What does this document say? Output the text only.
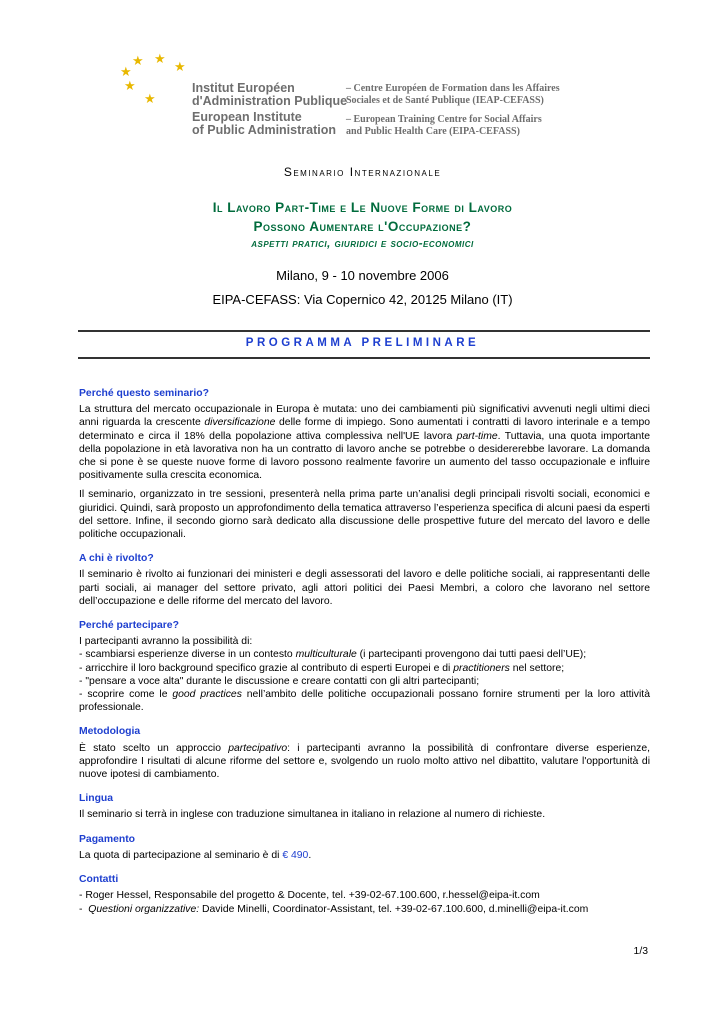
★ ★
★	★
★
★
Institut Européen
d'Administration Publique
European Institute
of Public Administration
– Centre Européen de Formation dans les Affaires
Sociales et de Santé Publique (IEAP-CEFASS)
– European Training Centre for Social Affairs
and Public Health Care (EIPA-CEFASS)
Seminario Internazionale
Il Lavoro Part-Time e Le Nuove Forme di Lavoro
Possono Aumentare l'Occupazione?
aspetti pratici, giuridici e socio-economici
Milano, 9 - 10 novembre 2006
EIPA-CEFASS: Via Copernico 42, 20125 Milano (IT)
PROGRAMMA PRELIMINARE
Perché questo seminario?

La struttura del mercato occupazionale in Europa è mutata: uno dei cambiamenti più significativi avvenuti negli ultimi dieci anni riguarda la crescente diversificazione delle forme di impiego. Sono aumentati i contratti di lavoro interinale e a tempo determinato e circa il 18% della popolazione attiva complessiva nell'UE lavora part-time. Tuttavia, una quota importante della popolazione in età lavorativa non ha un contratto di lavoro anche se potrebbe o desidererebbe lavorare. La domanda che si pone è se queste nuove forme di lavoro possono realmente favorire un aumento del tasso occupazionale e influire positivamente sulla crescita economica.

Il seminario, organizzato in tre sessioni, presenterà nella prima parte un’analisi degli principali risvolti sociali, economici e giuridici. Quindi, sarà proposto un approfondimento della tematica attraverso l’esperienza specifica di alcuni paesi da esperti del settore. Infine, il secondo giorno sarà dedicato alla discussione delle prospettive future del mercato del lavoro e delle politiche occupazionali.

A chi è rivolto?

Il seminario è rivolto ai funzionari dei ministeri e degli assessorati del lavoro e delle politiche sociali, ai rappresentanti delle parti sociali, ai manager del settore privato, agli attori politici dei Paesi Membri, a coloro che lavorano nel settore dell’occupazione e delle riforme del mercato del lavoro.

Perché partecipare?

I partecipanti avranno la possibilità di:

- scambiarsi esperienze diverse in un contesto multiculturale (i partecipanti provengono dai tutti paesi dell’UE);

- arricchire il loro background specifico grazie al contributo di esperti Europei e di practitioners nel settore;

- "pensare a voce alta" durante le discussione e creare contatti con gli altri partecipanti;

- scoprire come le good practices nell’ambito delle politiche occupazionali possano fornire strumenti per la loro attività professionale.

Metodologia

È stato scelto un approccio partecipativo: i partecipanti avranno la possibilità di confrontare diverse esperienze, approfondire I risultati di alcune riforme del settore e, svolgendo un ruolo molto attivo nel dibattito, valutare l'opportunità di nuove ipotesi di cambiamento.

Lingua

Il seminario si terrà in inglese con traduzione simultanea in italiano in relazione al numero di richieste.

Pagamento

La quota di partecipazione al seminario è di € 490.

Contatti
- Roger Hessel, Responsabile del progetto & Docente, tel. +39-02-67.100.600, r.hessel@eipa-it.com
-  Questioni organizzative: Davide Minelli, Coordinator-Assistant, tel. +39-02-67.100.600, d.minelli@eipa-it.com
1/3
